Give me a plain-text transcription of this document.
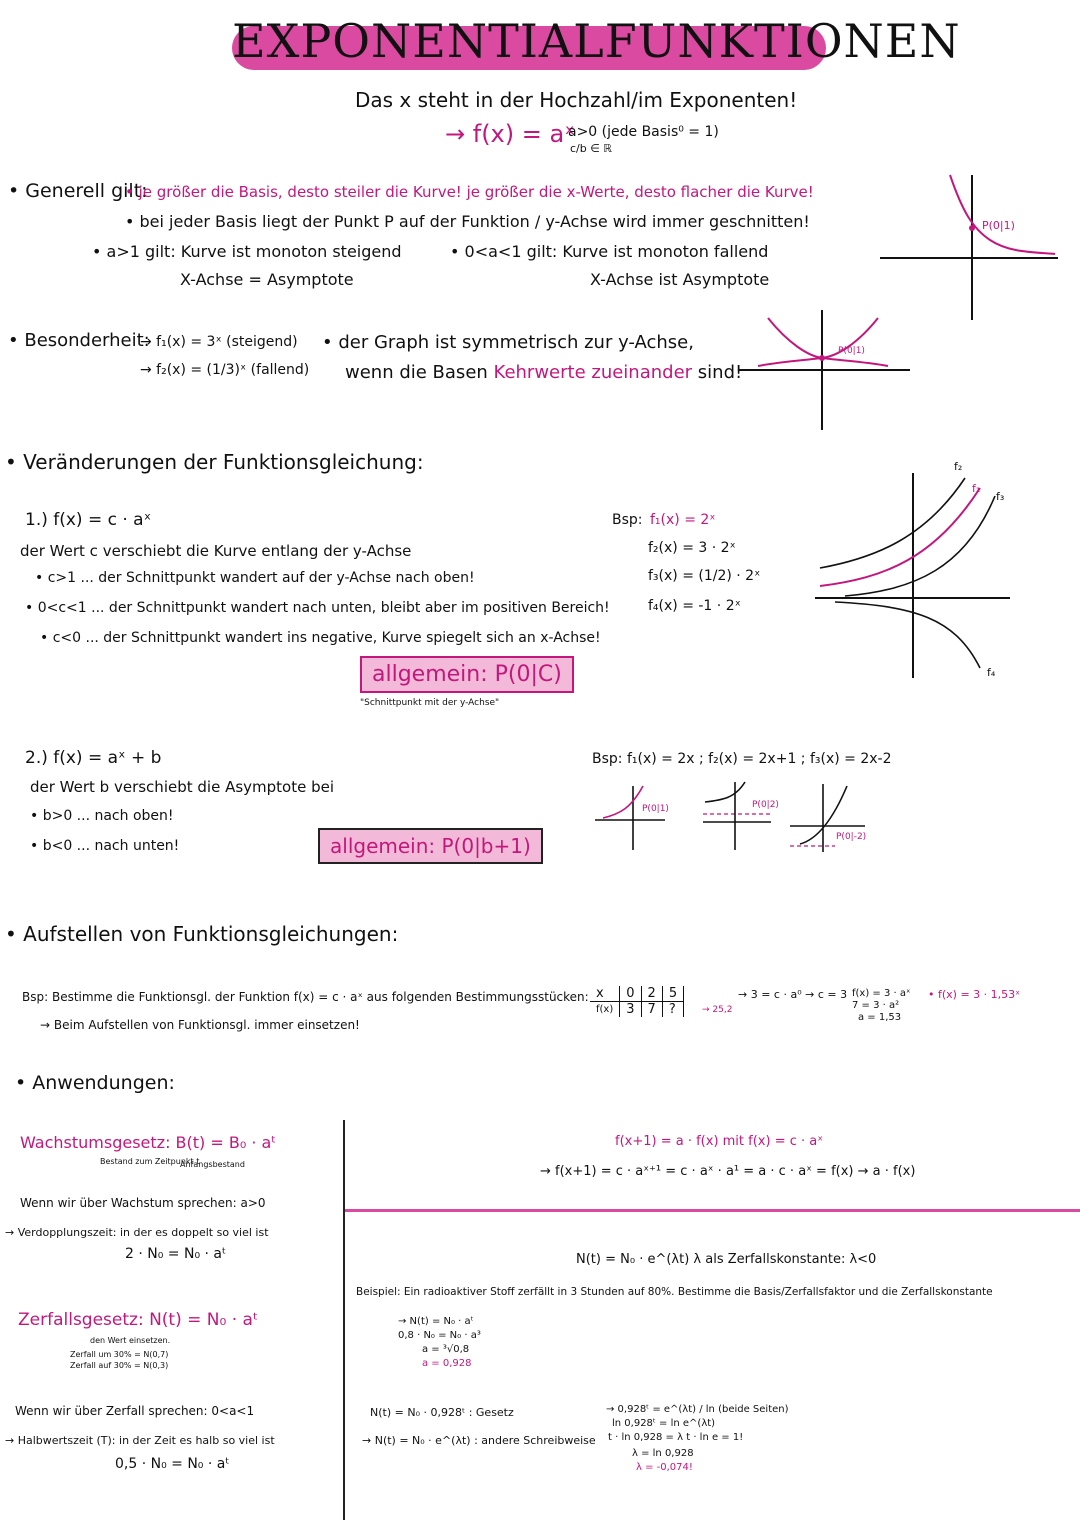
EXPONENTIALFUNKTIONEN
Das x steht in der Hochzahl/im Exponenten!
→ f(x) = aˣ
a>0 (jede Basis⁰ = 1)
c/b ∈ ℝ
• Generell gilt:
• je größer die Basis, desto steiler die Kurve! je größer die x-Werte, desto flacher die Kurve!
• bei jeder Basis liegt der Punkt P auf der Funktion / y-Achse wird immer geschnitten!
• a>1 gilt: Kurve ist monoton steigend
X-Achse = Asymptote
• 0<a<1 gilt: Kurve ist monoton fallend
X-Achse ist Asymptote
P(0|1)
• Besonderheit:
→ f₁(x) = 3ˣ (steigend)
→ f₂(x) = (1/3)ˣ (fallend)
• der Graph ist symmetrisch zur y-Achse,
wenn die Basen Kehrwerte zueinander sind!
P(0|1)
• Veränderungen der Funktionsgleichung:
1.) f(x) = c · aˣ
der Wert c verschiebt die Kurve entlang der y-Achse
• c>1 ... der Schnittpunkt wandert auf der y-Achse nach oben!
• 0<c<1 ... der Schnittpunkt wandert nach unten, bleibt aber im positiven Bereich!
• c<0 ... der Schnittpunkt wandert ins negative, Kurve spiegelt sich an x-Achse!
allgemein: P(0|C)
"Schnittpunkt mit der y-Achse"
Bsp: f₁(x) = 2ˣ
f₂(x) = 3 · 2ˣ
f₃(x) = (1/2) · 2ˣ
f₄(x) = -1 · 2ˣ
f₂
f₁
f₃
f₄
2.) f(x) = aˣ + b
der Wert b verschiebt die Asymptote bei
• b>0 ... nach oben!
• b<0 ... nach unten!	allgemein: P(0|b+1)
Bsp: f₁(x) = 2x ; f₂(x) = 2x+1 ; f₃(x) = 2x-2
P(0|1)	P(0|2)
P(0|-2)
• Aufstellen von Funktionsgleichungen:
Bsp: Bestimme die Funktionsgl. der Funktion f(x) = c · aˣ aus folgenden Bestimmungsstücken:
→ Beim Aufstellen von Funktionsgl. immer einsetzen!
x	0	2	5
f(x)	3	7	?	→ 25,2
→ 3 = c · a⁰ → c = 3 f(x) = 3 · aˣ
7 = 3 · a²
a = 1,53
• f(x) = 3 · 1,53ˣ
• Anwendungen:
Wachstumsgesetz: B(t) = B₀ · aᵗ
Bestand zum Zeitpunkt t
Anfangsbestand
Wenn wir über Wachstum sprechen: a>0
→ Verdopplungszeit: in der es doppelt so viel ist
2 · N₀ = N₀ · aᵗ
Zerfallsgesetz: N(t) = N₀ · aᵗ
den Wert einsetzen.
Zerfall um 30% = N(0,7)
Zerfall auf 30% = N(0,3)
Wenn wir über Zerfall sprechen: 0<a<1
→ Halbwertszeit (T): in der Zeit es halb so viel ist
0,5 · N₀ = N₀ · aᵗ
f(x+1) = a · f(x) mit f(x) = c · aˣ
→ f(x+1) = c · aˣ⁺¹ = c · aˣ · a¹ = a · c · aˣ = f(x) → a · f(x)
N(t) = N₀ · e^(λt) λ als Zerfallskonstante: λ<0
Beispiel: Ein radioaktiver Stoff zerfällt in 3 Stunden auf 80%. Bestimme die Basis/Zerfallsfaktor und die Zerfallskonstante
→ N(t) = N₀ · aᵗ
0,8 · N₀ = N₀ · a³
a = ³√0,8
a = 0,928
N(t) = N₀ · 0,928ᵗ : Gesetz
→ N(t) = N₀ · e^(λt) : andere Schreibweise
→ 0,928ᵗ = e^(λt) / ln (beide Seiten)
ln 0,928ᵗ = ln e^(λt)
t · ln 0,928 = λ t · ln e = 1!
λ = ln 0,928
λ = -0,074!
